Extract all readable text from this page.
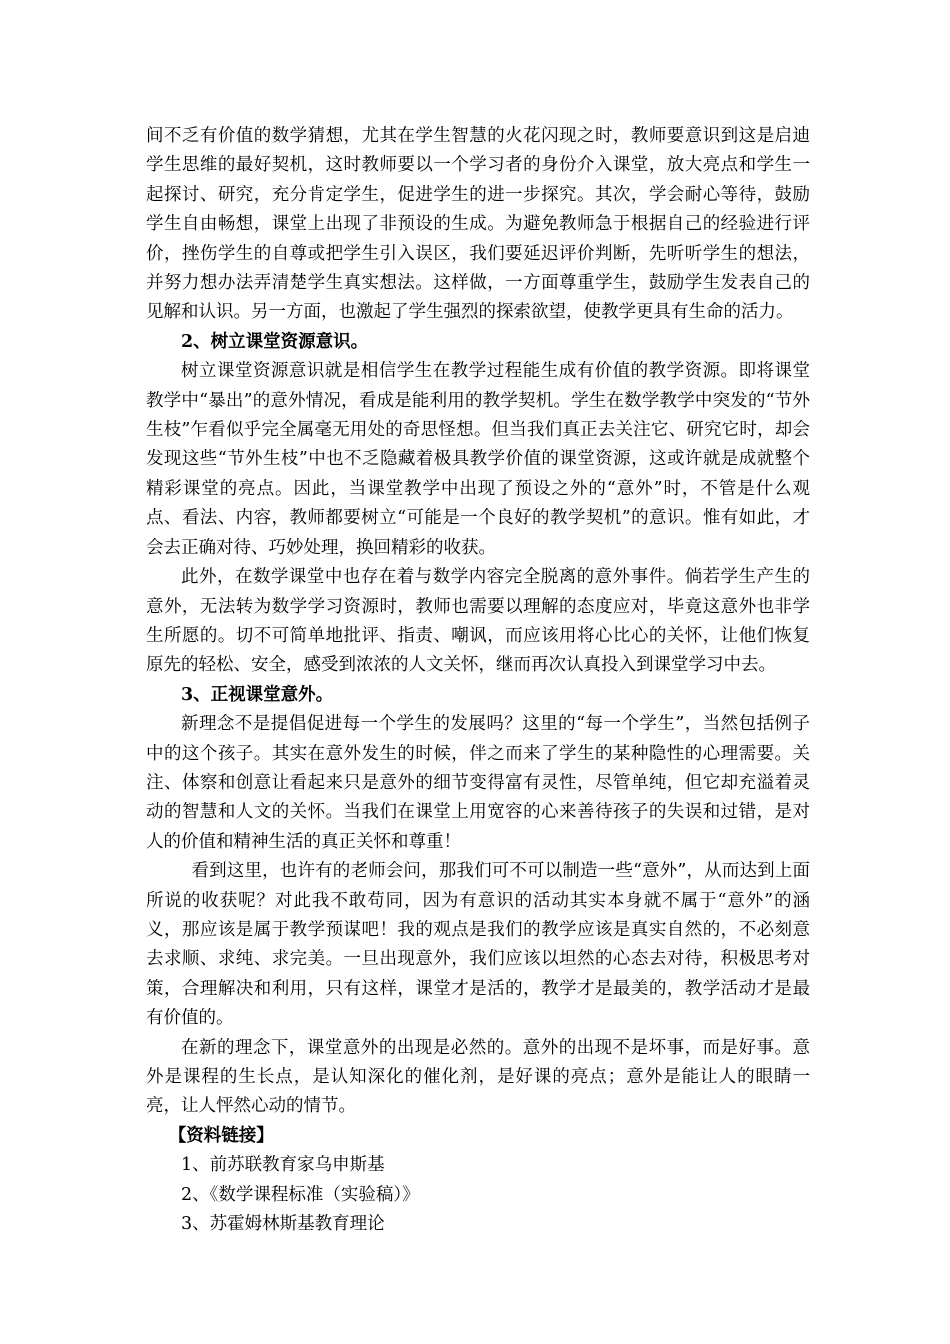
间不乏有价值的数学猜想，尤其在学生智慧的火花闪现之时，教师要意识到这是启迪学生思维的最好契机，这时教师要以一个学习者的身份介入课堂，放大亮点和学生一起探讨、研究，充分肯定学生，促进学生的进一步探究。其次，学会耐心等待，鼓励学生自由畅想，课堂上出现了非预设的生成。为避免教师急于根据自己的经验进行评价，挫伤学生的自尊或把学生引入误区，我们要延迟评价判断，先听听学生的想法，并努力想办法弄清楚学生真实想法。这样做，一方面尊重学生，鼓励学生发表自己的见解和认识。另一方面，也激起了学生强烈的探索欲望，使教学更具有生命的活力。

2、树立课堂资源意识。

树立课堂资源意识就是相信学生在教学过程能生成有价值的教学资源。即将课堂教学中“暴出”的意外情况，看成是能利用的教学契机。学生在数学教学中突发的“节外生枝”乍看似乎完全属毫无用处的奇思怪想。但当我们真正去关注它、研究它时，却会发现这些“节外生枝”中也不乏隐藏着极具教学价值的课堂资源，这或许就是成就整个精彩课堂的亮点。因此，当课堂教学中出现了预设之外的“意外”时，不管是什么观点、看法、内容，教师都要树立“可能是一个良好的教学契机”的意识。惟有如此，才会去正确对待、巧妙处理，换回精彩的收获。

此外，在数学课堂中也存在着与数学内容完全脱离的意外事件。倘若学生产生的意外，无法转为数学学习资源时，教师也需要以理解的态度应对，毕竟这意外也非学生所愿的。切不可简单地批评、指责、嘲讽，而应该用将心比心的关怀，让他们恢复原先的轻松、安全，感受到浓浓的人文关怀，继而再次认真投入到课堂学习中去。

3、正视课堂意外。

新理念不是提倡促进每一个学生的发展吗？这里的“每一个学生”，当然包括例子中的这个孩子。其实在意外发生的时候，伴之而来了学生的某种隐性的心理需要。关注、体察和创意让看起来只是意外的细节变得富有灵性，尽管单纯，但它却充溢着灵动的智慧和人文的关怀。当我们在课堂上用宽容的心来善待孩子的失误和过错，是对人的价值和精神生活的真正关怀和尊重！

看到这里，也许有的老师会问，那我们可不可以制造一些“意外”，从而达到上面所说的收获呢？对此我不敢苟同，因为有意识的活动其实本身就不属于“意外”的涵义，那应该是属于教学预谋吧！我的观点是我们的教学应该是真实自然的，不必刻意去求顺、求纯、求完美。一旦出现意外，我们应该以坦然的心态去对待，积极思考对策，合理解决和利用，只有这样，课堂才是活的，教学才是最美的，教学活动才是最有价值的。

在新的理念下，课堂意外的出现是必然的。意外的出现不是坏事，而是好事。意外是课程的生长点，是认知深化的催化剂，是好课的亮点；意外是能让人的眼睛一亮，让人怦然心动的情节。

【资料链接】

1、前苏联教育家乌申斯基
2、《数学课程标准（实验稿）》
3、苏霍姆林斯基教育理论
